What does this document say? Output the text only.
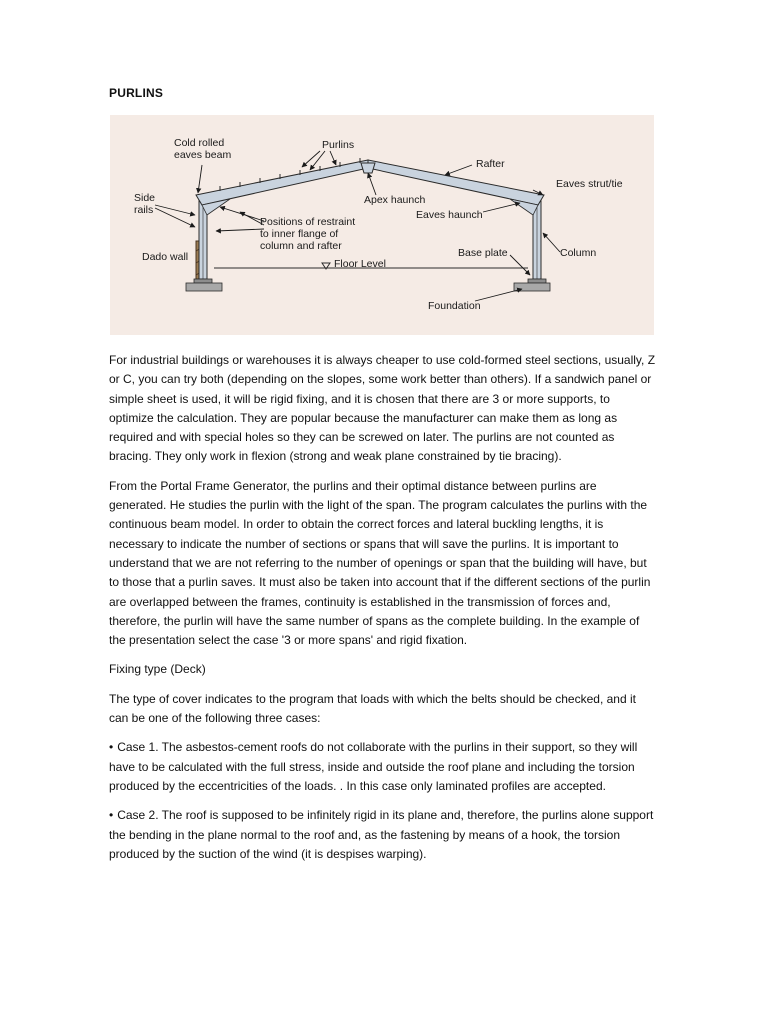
PURLINS
Cold rolled
eaves beam
Purlins
Rafter
Side
rails
Apex haunch
Eaves strut/tie
Positions of restraint
to inner flange of
column and rafter
Eaves haunch
Dado wall	Base plate	Column
Floor Level
Foundation

For industrial buildings or warehouses it is always cheaper to use cold-formed steel sections, usually, Z or C, you can try both (depending on the slopes, some work better than others). If a sandwich panel or simple sheet is used, it will be rigid fixing, and it is chosen that there are 3 or more supports, to optimize the calculation. They are popular because the manufacturer can make them as long as required and with special holes so they can be screwed on later. The purlins are not counted as bracing. They only work in flexion (strong and weak plane constrained by tie bracing).

From the Portal Frame Generator, the purlins and their optimal distance between purlins are generated. He studies the purlin with the light of the span. The program calculates the purlins with the continuous beam model. In order to obtain the correct forces and lateral buckling lengths, it is necessary to indicate the number of sections or spans that will save the purlins. It is important to understand that we are not referring to the number of openings or span that the building will have, but to those that a purlin saves. It must also be taken into account that if the different sections of the purlin are overlapped between the frames, continuity is established in the transmission of forces and, therefore, the purlin will have the same number of spans as the complete building. In the example of the presentation select the case '3 or more spans' and rigid fixation.

Fixing type (Deck)

The type of cover indicates to the program that loads with which the belts should be checked, and it can be one of the following three cases:

• Case 1. The asbestos-cement roofs do not collaborate with the purlins in their support, so they will have to be calculated with the full stress, inside and outside the roof plane and including the torsion produced by the eccentricities of the loads. . In this case only laminated profiles are accepted.

• Case 2. The roof is supposed to be infinitely rigid in its plane and, therefore, the purlins alone support the bending in the plane normal to the roof and, as the fastening by means of a hook, the torsion produced by the suction of the wind (it is despises warping).
